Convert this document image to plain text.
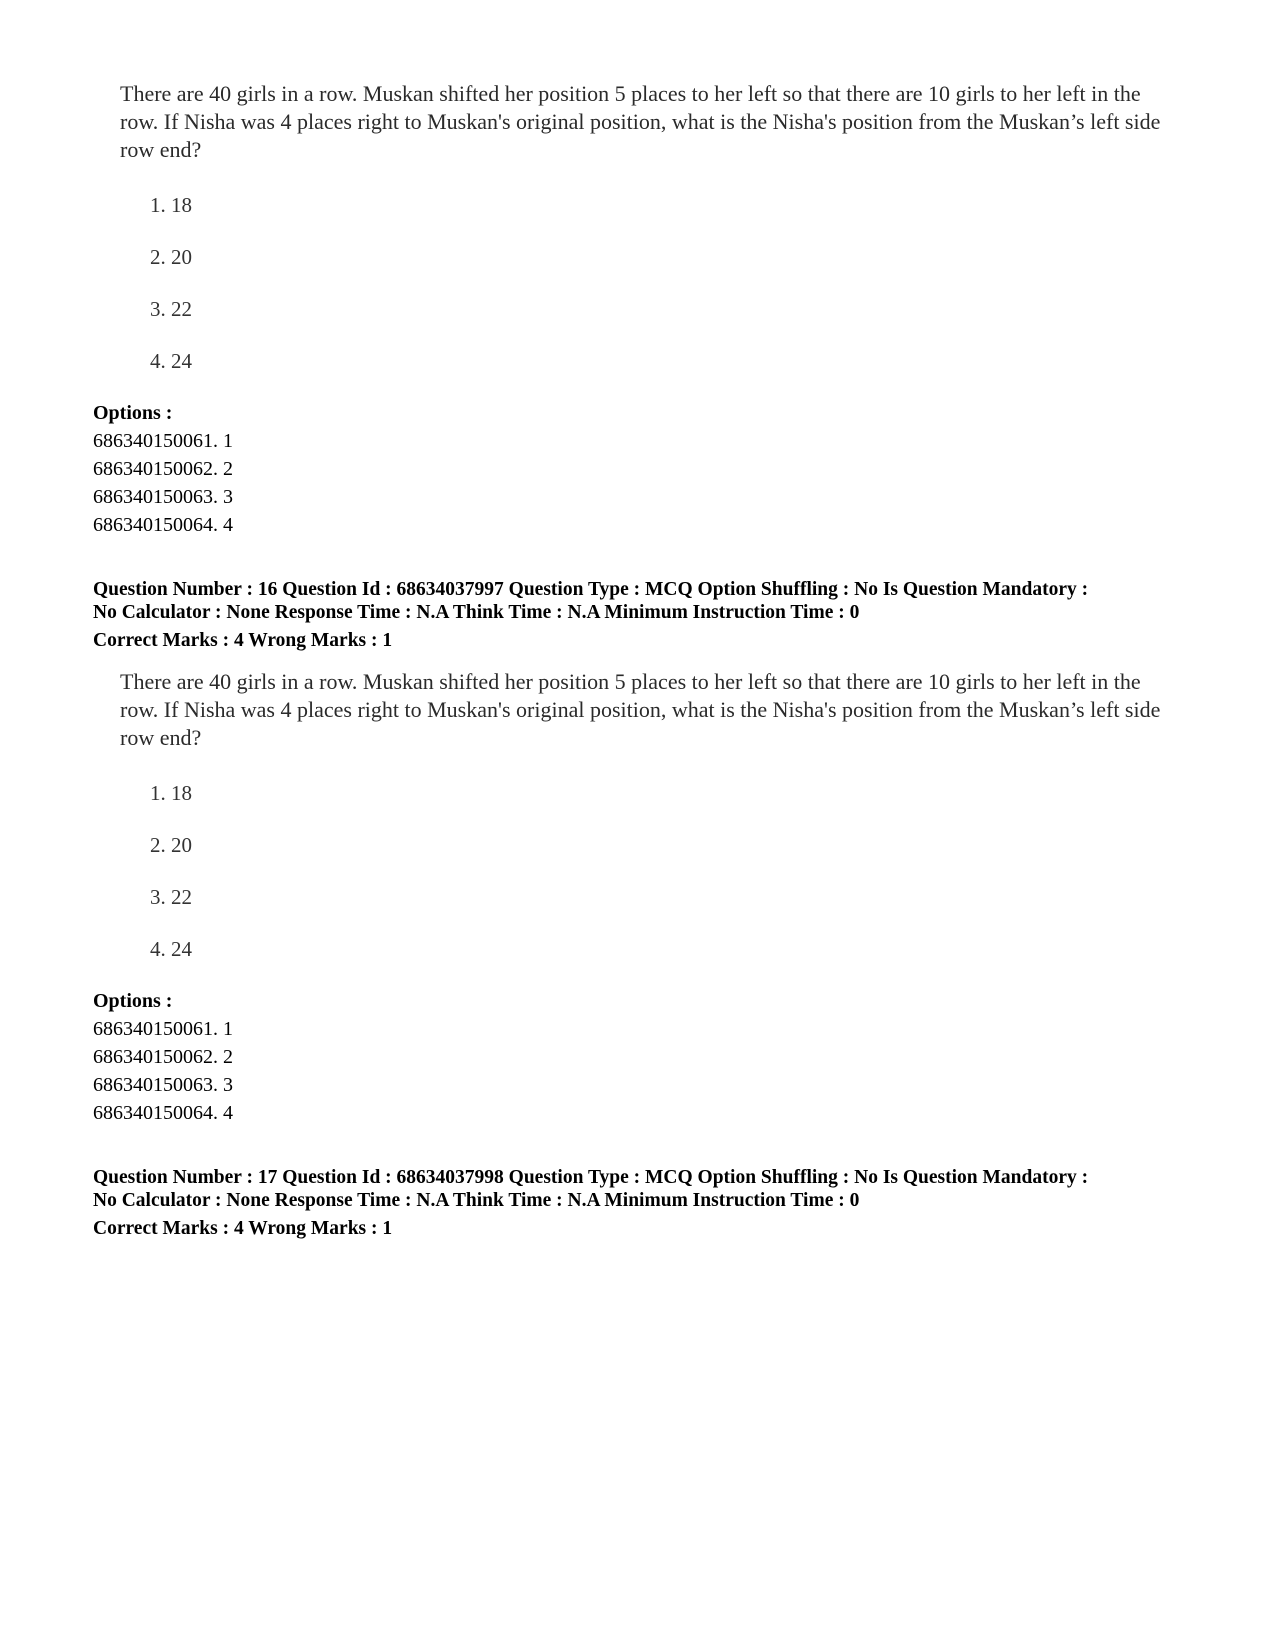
There are 40 girls in a row. Muskan shifted her position 5 places to her left so that there are 10 girls to her left in the row. If Nisha was 4 places right to Muskan's original position, what is the Nisha's position from the Muskan’s left side row end?
1. 18
2. 20
3. 22
4. 24
Options :
686340150061. 1
686340150062. 2
686340150063. 3
686340150064. 4
Question Number : 16 Question Id : 68634037997 Question Type : MCQ Option Shuffling : No Is Question Mandatory :
No Calculator : None Response Time : N.A Think Time : N.A Minimum Instruction Time : 0
Correct Marks : 4 Wrong Marks : 1
There are 40 girls in a row. Muskan shifted her position 5 places to her left so that there are 10 girls to her left in the row. If Nisha was 4 places right to Muskan's original position, what is the Nisha's position from the Muskan’s left side row end?
1. 18
2. 20
3. 22
4. 24
Options :
686340150061. 1
686340150062. 2
686340150063. 3
686340150064. 4
Question Number : 17 Question Id : 68634037998 Question Type : MCQ Option Shuffling : No Is Question Mandatory :
No Calculator : None Response Time : N.A Think Time : N.A Minimum Instruction Time : 0
Correct Marks : 4 Wrong Marks : 1
